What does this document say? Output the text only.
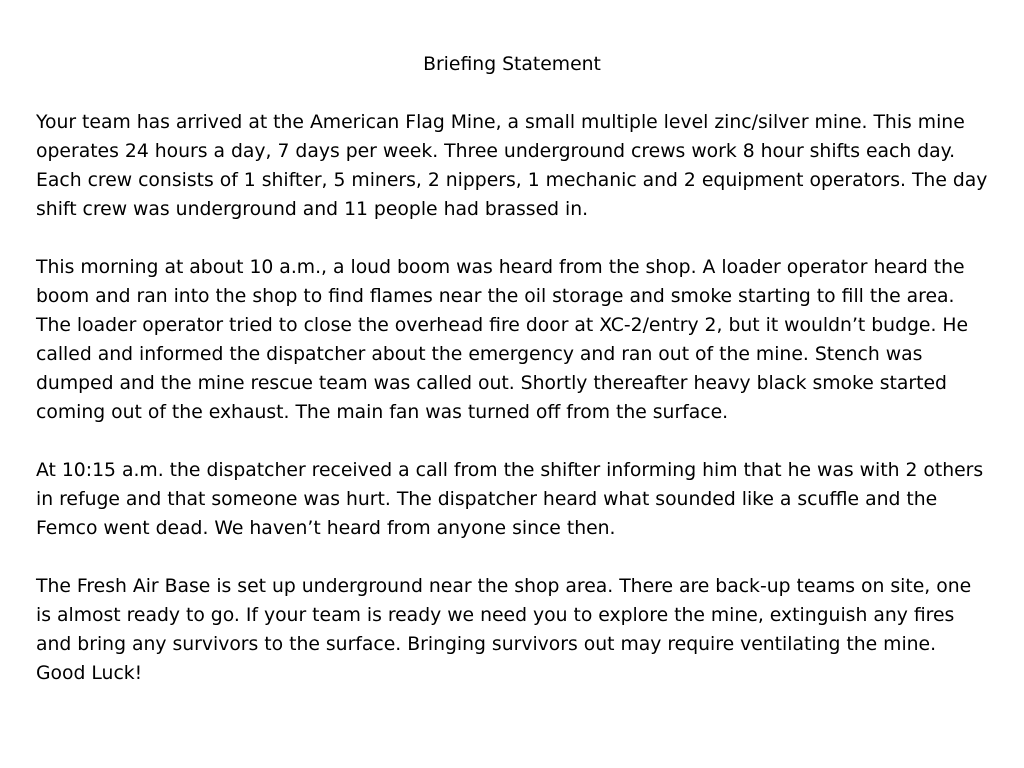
Briefing Statement

Your team has arrived at the American Flag Mine, a small multiple level zinc/silver mine. This mine operates 24 hours a day, 7 days per week. Three underground crews work 8 hour shifts each day. Each crew consists of 1 shifter, 5 miners, 2 nippers, 1 mechanic and 2 equipment operators. The day shift crew was underground and 11 people had brassed in.

This morning at about 10 a.m., a loud boom was heard from the shop. A loader operator heard the boom and ran into the shop to find flames near the oil storage and smoke starting to fill the area. The loader operator tried to close the overhead fire door at XC-2/entry 2, but it wouldn’t budge. He called and informed the dispatcher about the emergency and ran out of the mine. Stench was dumped and the mine rescue team was called out. Shortly thereafter heavy black smoke started coming out of the exhaust. The main fan was turned off from the surface.

At 10:15 a.m. the dispatcher received a call from the shifter informing him that he was with 2 others in refuge and that someone was hurt. The dispatcher heard what sounded like a scuffle and the Femco went dead. We haven’t heard from anyone since then.

The Fresh Air Base is set up underground near the shop area. There are back-up teams on site, one is almost ready to go. If your team is ready we need you to explore the mine, extinguish any fires and bring any survivors to the surface. Bringing survivors out may require ventilating the mine. Good Luck!
